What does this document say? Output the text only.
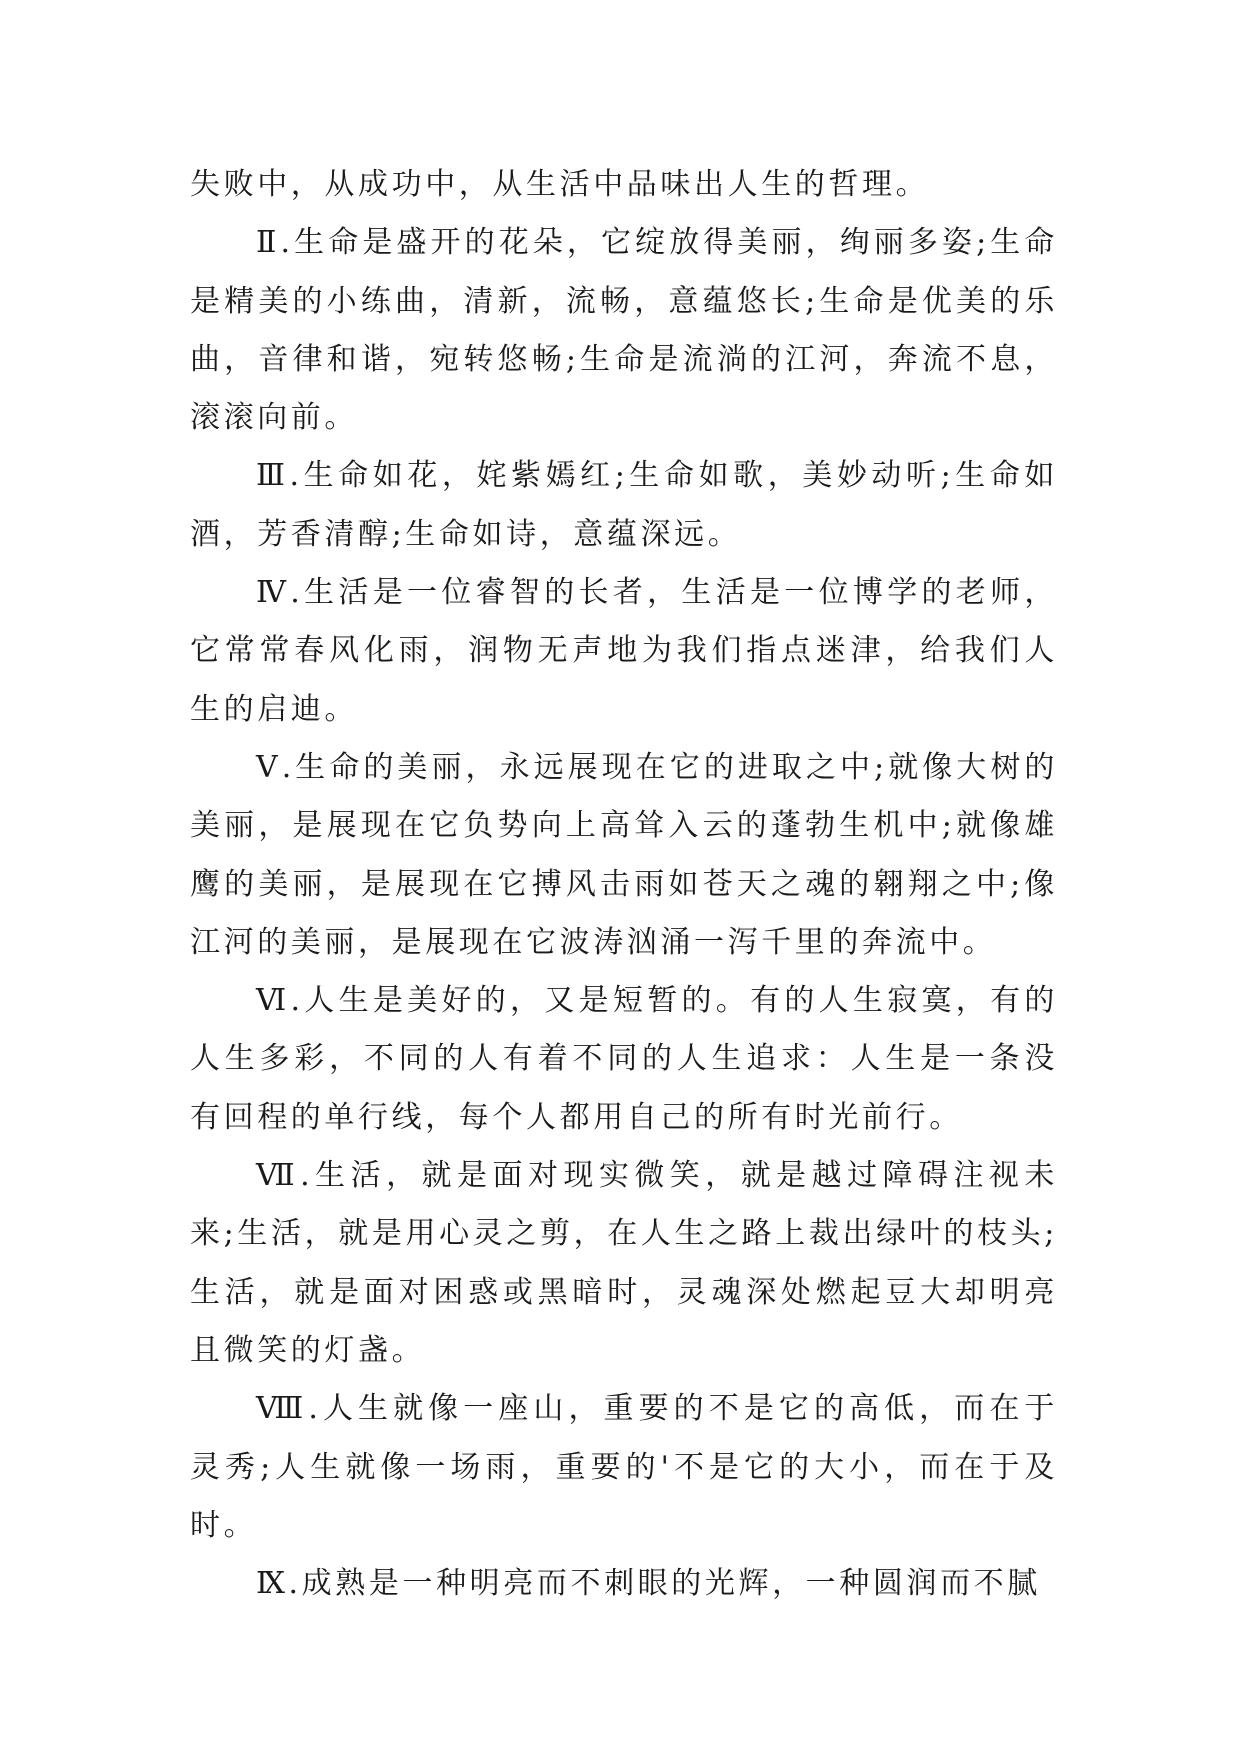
失败中，从成功中，从生活中品味出人生的哲理。

Ⅱ.生命是盛开的花朵，它绽放得美丽，绚丽多姿;生命是精美的小练曲，清新，流畅，意蕴悠长;生命是优美的乐曲，音律和谐，宛转悠畅;生命是流淌的江河，奔流不息，滚滚向前。

Ⅲ.生命如花，姹紫嫣红;生命如歌，美妙动听;生命如酒，芳香清醇;生命如诗，意蕴深远。

Ⅳ.生活是一位睿智的长者，生活是一位博学的老师，它常常春风化雨，润物无声地为我们指点迷津，给我们人生的启迪。

Ⅴ.生命的美丽，永远展现在它的进取之中;就像大树的美丽，是展现在它负势向上高耸入云的蓬勃生机中;就像雄鹰的美丽，是展现在它搏风击雨如苍天之魂的翱翔之中;像江河的美丽，是展现在它波涛汹涌一泻千里的奔流中。

Ⅵ.人生是美好的，又是短暂的。有的人生寂寞，有的人生多彩，不同的人有着不同的人生追求：人生是一条没有回程的单行线，每个人都用自己的所有时光前行。

Ⅶ.生活，就是面对现实微笑，就是越过障碍注视未来;生活，就是用心灵之剪，在人生之路上裁出绿叶的枝头;生活，就是面对困惑或黑暗时，灵魂深处燃起豆大却明亮且微笑的灯盏。

Ⅷ.人生就像一座山，重要的不是它的高低，而在于灵秀;人生就像一场雨，重要的'不是它的大小，而在于及时。

Ⅸ.成熟是一种明亮而不刺眼的光辉，一种圆润而不腻
